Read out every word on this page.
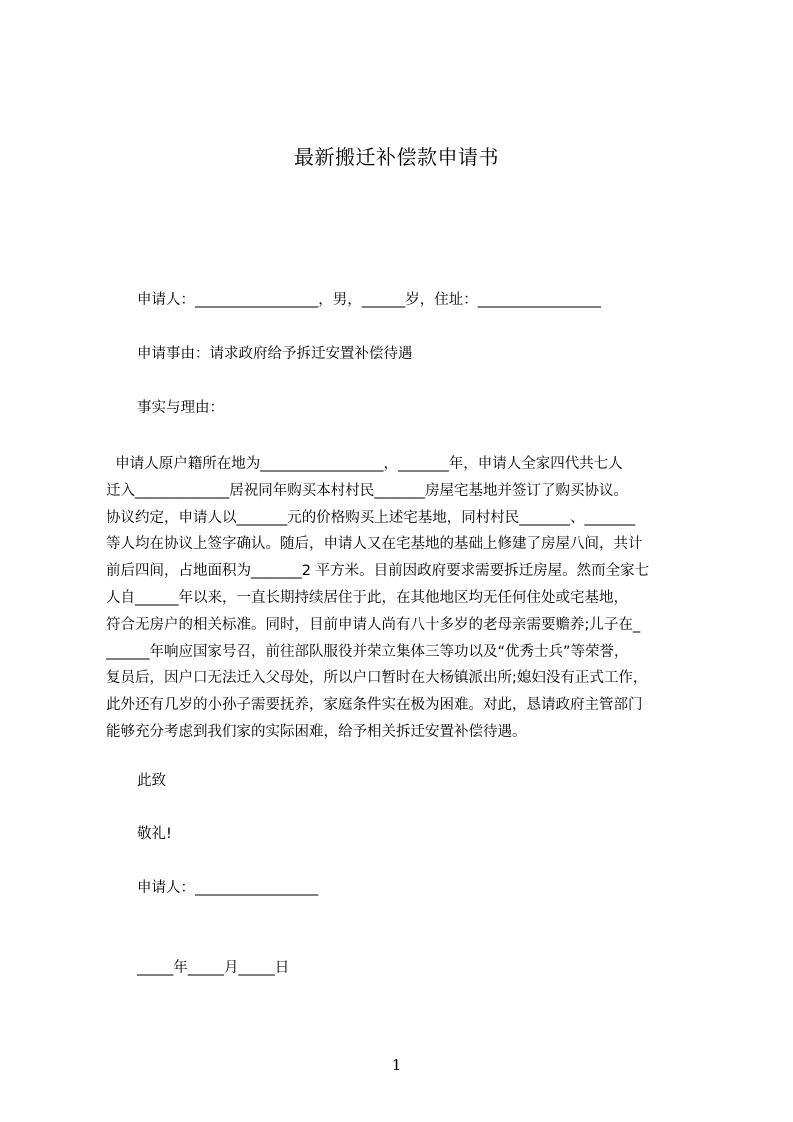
最新搬迁补偿款申请书
申请人：_________________，男，______岁，住址：_________________
申请事由：请求政府给予拆迁安置补偿待遇
事实与理由：
申请人原户籍所在地为_________________，_______年，申请人全家四代共七人
迁入_____________居祝同年购买本村村民_______房屋宅基地并签订了购买协议。
协议约定，申请人以_______元的价格购买上述宅基地，同村村民_______、_______
等人均在协议上签字确认。随后，申请人又在宅基地的基础上修建了房屋八间，共计
前后四间，占地面积为_______2 平方米。目前因政府要求需要拆迁房屋。然而全家七
人自______年以来，一直长期持续居住于此，在其他地区均无任何住处或宅基地，
符合无房户的相关标准。同时，目前申请人尚有八十多岁的老母亲需要赡养;儿子在_
______年响应国家号召，前往部队服役并荣立集体三等功以及“优秀士兵”等荣誉，
复员后，因户口无法迁入父母处，所以户口暂时在大杨镇派出所;媳妇没有正式工作，
此外还有几岁的小孙子需要抚养，家庭条件实在极为困难。对此，恳请政府主管部门
能够充分考虑到我们家的实际困难，给予相关拆迁安置补偿待遇。
此致
敬礼!
申请人：_________________
_____年_____月_____日
1
